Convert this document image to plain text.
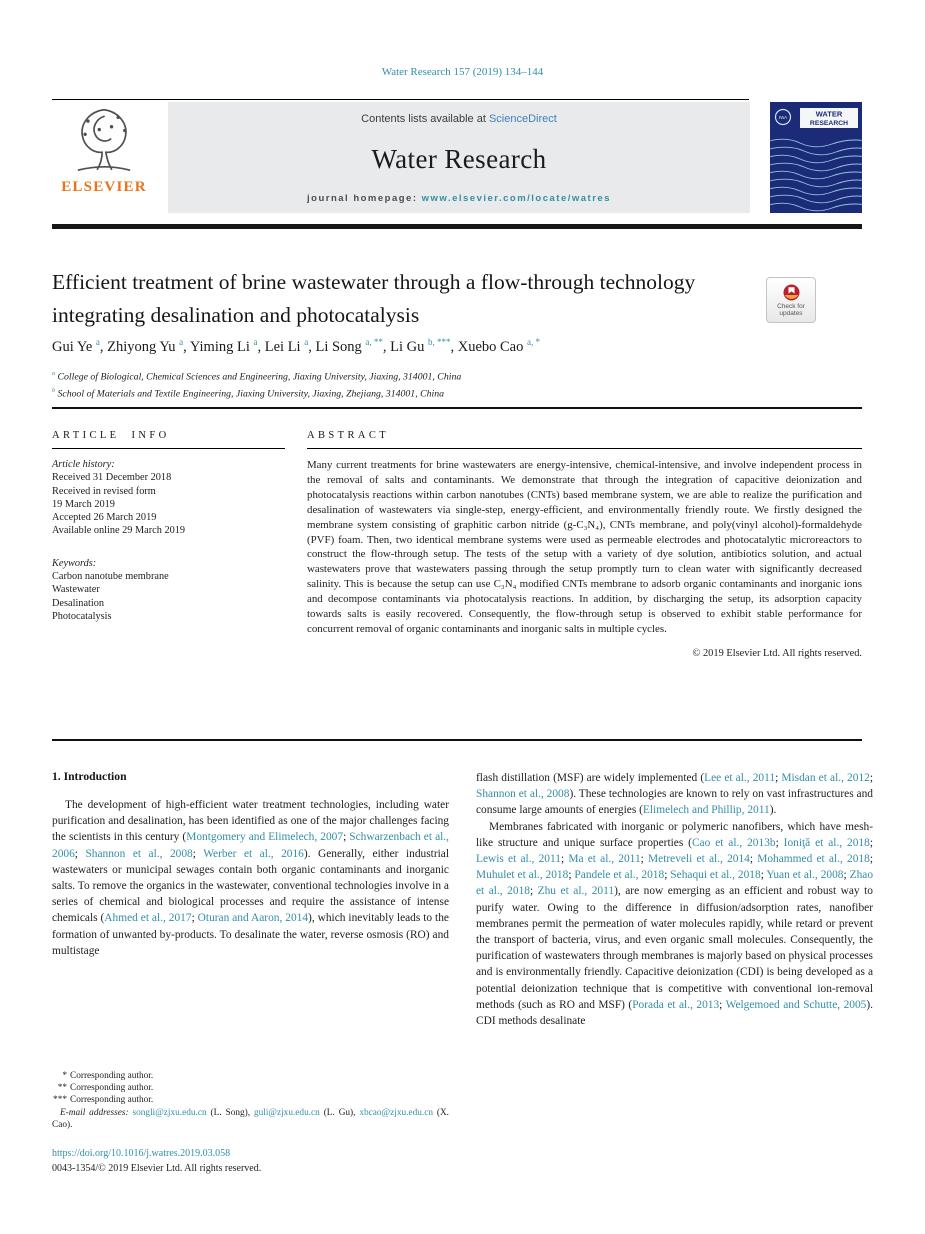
Water Research 157 (2019) 134–144
ELSEVIER
Contents lists available at ScienceDirect
Water Research
journal homepage: www.elsevier.com/locate/watres
IWA	WATER
RESEARCH
Efficient treatment of brine wastewater through a flow-through technology integrating desalination and photocatalysis	Check for updates
Gui Ye $^a$, Zhiyong Yu $^a$, Yiming Li $^a$, Lei Li $^a$, Li Song $^{a, **}$, Li Gu $^{b, ***}$, Xuebo Cao $^{a, *}$
$^a$ College of Biological, Chemical Sciences and Engineering, Jiaxing University, Jiaxing, 314001, China
$^b$ School of Materials and Textile Engineering, Jiaxing University, Jiaxing, Zhejiang, 314001, China
ARTICLE INFO
Article history:
Received 31 December 2018
Received in revised form
19 March 2019
Accepted 26 March 2019
Available online 29 March 2019
Keywords:
Carbon nanotube membrane
Wastewater
Desalination
Photocatalysis
ABSTRACT
Many current treatments for brine wastewaters are energy-intensive, chemical-intensive, and involve independent process in the removal of salts and contaminants. We demonstrate that through the integration of capacitive deionization and photocatalysis reactions within carbon nanotubes (CNTs) based membrane system, we are able to realize the purification and desalination of wastewaters via single-step, energy-efficient, and environmentally friendly route. We firstly designed the membrane system consisting of graphitic carbon nitride (g-C₃N₄), CNTs membrane, and poly(vinyl alcohol)-formaldehyde (PVF) foam. Then, two identical membrane systems were used as permeable electrodes and photocatalytic microreactors to construct the flow-through setup. The tests of the setup with a variety of dye solution, antibiotics solution, and actual wastewaters prove that wastewaters passing through the setup promptly turn to clean water with significantly decreased salinity. This is because the setup can use C₃N₄ modified CNTs membrane to adsorb organic contaminants and inorganic ions and decompose contaminants via photocatalysis reactions. In addition, by discharging the setup, its adsorption capacity towards salts is easily recovered. Consequently, the flow-through setup is observed to exhibit stable performance for concurrent removal of organic contaminants and inorganic salts in multiple cycles.
© 2019 Elsevier Ltd. All rights reserved.
1. Introduction

The development of high-efficient water treatment technologies, including water purification and desalination, has been identified as one of the major challenges facing the scientists in this century (Montgomery and Elimelech, 2007; Schwarzenbach et al., 2006; Shannon et al., 2008; Werber et al., 2016). Generally, either industrial wastewaters or municipal sewages contain both organic contaminants and inorganic salts. To remove the organics in the wastewater, conventional technologies involve in a series of chemical and biological processes and require the assistance of intense chemicals (Ahmed et al., 2017; Oturan and Aaron, 2014), which inevitably leads to the formation of unwanted by-products. To desalinate the water, reverse osmosis (RO) and multistage

flash distillation (MSF) are widely implemented (Lee et al., 2011; Misdan et al., 2012; Shannon et al., 2008). These technologies are known to rely on vast infrastructures and consume large amounts of energies (Elimelech and Phillip, 2011).

Membranes fabricated with inorganic or polymeric nanofibers, which have mesh-like structure and unique surface properties (Cao et al., 2013b; Ioniţă et al., 2018; Lewis et al., 2011; Ma et al., 2011; Metreveli et al., 2014; Mohammed et al., 2018; Muhulet et al., 2018; Pandele et al., 2018; Sehaqui et al., 2018; Yuan et al., 2008; Zhao et al., 2018; Zhu et al., 2011), are now emerging as an efficient and robust way to purify water. Owing to the difference in diffusion/adsorption rates, nanofiber membranes permit the permeation of water molecules rapidly, while retard or prevent the transport of bacteria, virus, and even organic small molecules. Consequently, the purification of wastewaters through membranes is majorly based on physical processes and is environmentally friendly. Capacitive deionization (CDI) is being developed as a potential deionization technique that is competitive with conventional ion-removal methods (such as RO and MSF) (Porada et al., 2013; Welgemoed and Schutte, 2005). CDI methods desalinate

* Corresponding author.
** Corresponding author.
*** Corresponding author.
E-mail addresses: songli@zjxu.edu.cn (L. Song), guli@zjxu.edu.cn (L. Gu), xbcao@zjxu.edu.cn (X. Cao).
https://doi.org/10.1016/j.watres.2019.03.058
0043-1354/© 2019 Elsevier Ltd. All rights reserved.
